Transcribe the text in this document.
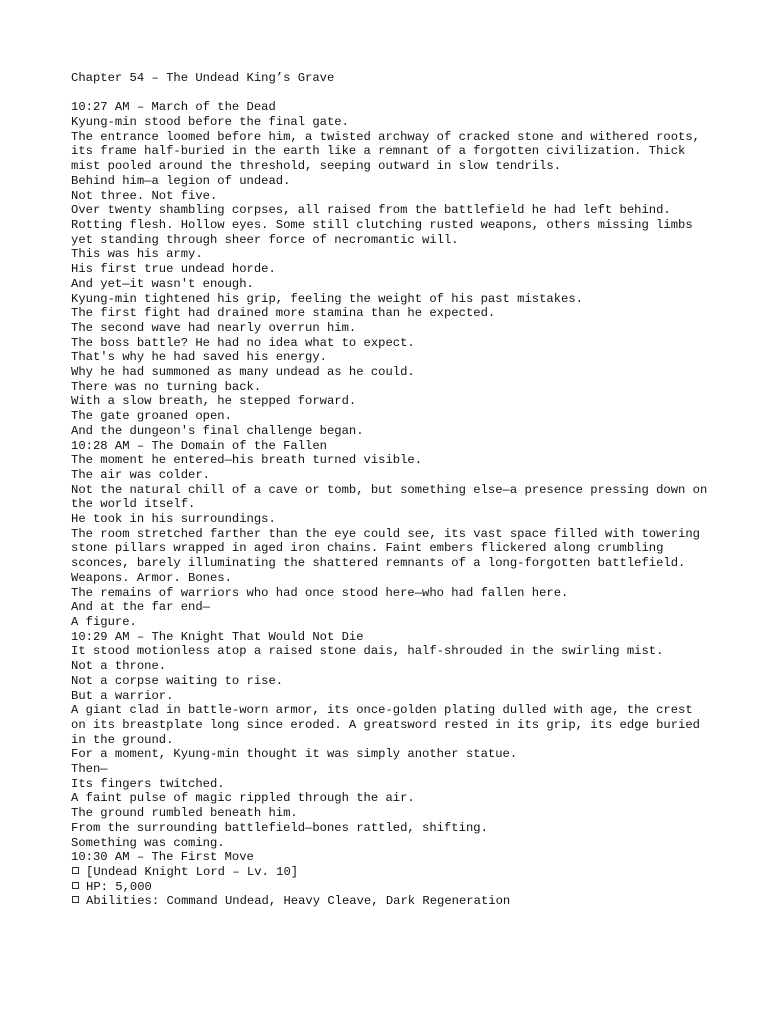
Chapter 54 – The Undead King’s Grave
10:27 AM – March of the Dead
Kyung-min stood before the final gate.
The entrance loomed before him, a twisted archway of cracked stone and withered roots, its frame half-buried in the earth like a remnant of a forgotten civilization. Thick mist pooled around the threshold, seeping outward in slow tendrils.
Behind him—a legion of undead.
Not three. Not five.
Over twenty shambling corpses, all raised from the battlefield he had left behind.
Rotting flesh. Hollow eyes. Some still clutching rusted weapons, others missing limbs yet standing through sheer force of necromantic will.
This was his army.
His first true undead horde.
And yet—it wasn't enough.
Kyung-min tightened his grip, feeling the weight of his past mistakes.
The first fight had drained more stamina than he expected.
The second wave had nearly overrun him.
The boss battle? He had no idea what to expect.
That's why he had saved his energy.
Why he had summoned as many undead as he could.
There was no turning back.
With a slow breath, he stepped forward.
The gate groaned open.
And the dungeon's final challenge began.
10:28 AM – The Domain of the Fallen
The moment he entered—his breath turned visible.
The air was colder.
Not the natural chill of a cave or tomb, but something else—a presence pressing down on the world itself.
He took in his surroundings.
The room stretched farther than the eye could see, its vast space filled with towering stone pillars wrapped in aged iron chains. Faint embers flickered along crumbling sconces, barely illuminating the shattered remnants of a long-forgotten battlefield.
Weapons. Armor. Bones.
The remains of warriors who had once stood here—who had fallen here.
And at the far end—
A figure.
10:29 AM – The Knight That Would Not Die
It stood motionless atop a raised stone dais, half-shrouded in the swirling mist.
Not a throne.
Not a corpse waiting to rise.
But a warrior.
A giant clad in battle-worn armor, its once-golden plating dulled with age, the crest on its breastplate long since eroded. A greatsword rested in its grip, its edge buried in the ground.
For a moment, Kyung-min thought it was simply another statue.
Then—
Its fingers twitched.
A faint pulse of magic rippled through the air.
The ground rumbled beneath him.
From the surrounding battlefield—bones rattled, shifting.
Something was coming.
10:30 AM – The First Move
[Undead Knight Lord – Lv. 10]
HP: 5,000
Abilities: Command Undead, Heavy Cleave, Dark Regeneration
